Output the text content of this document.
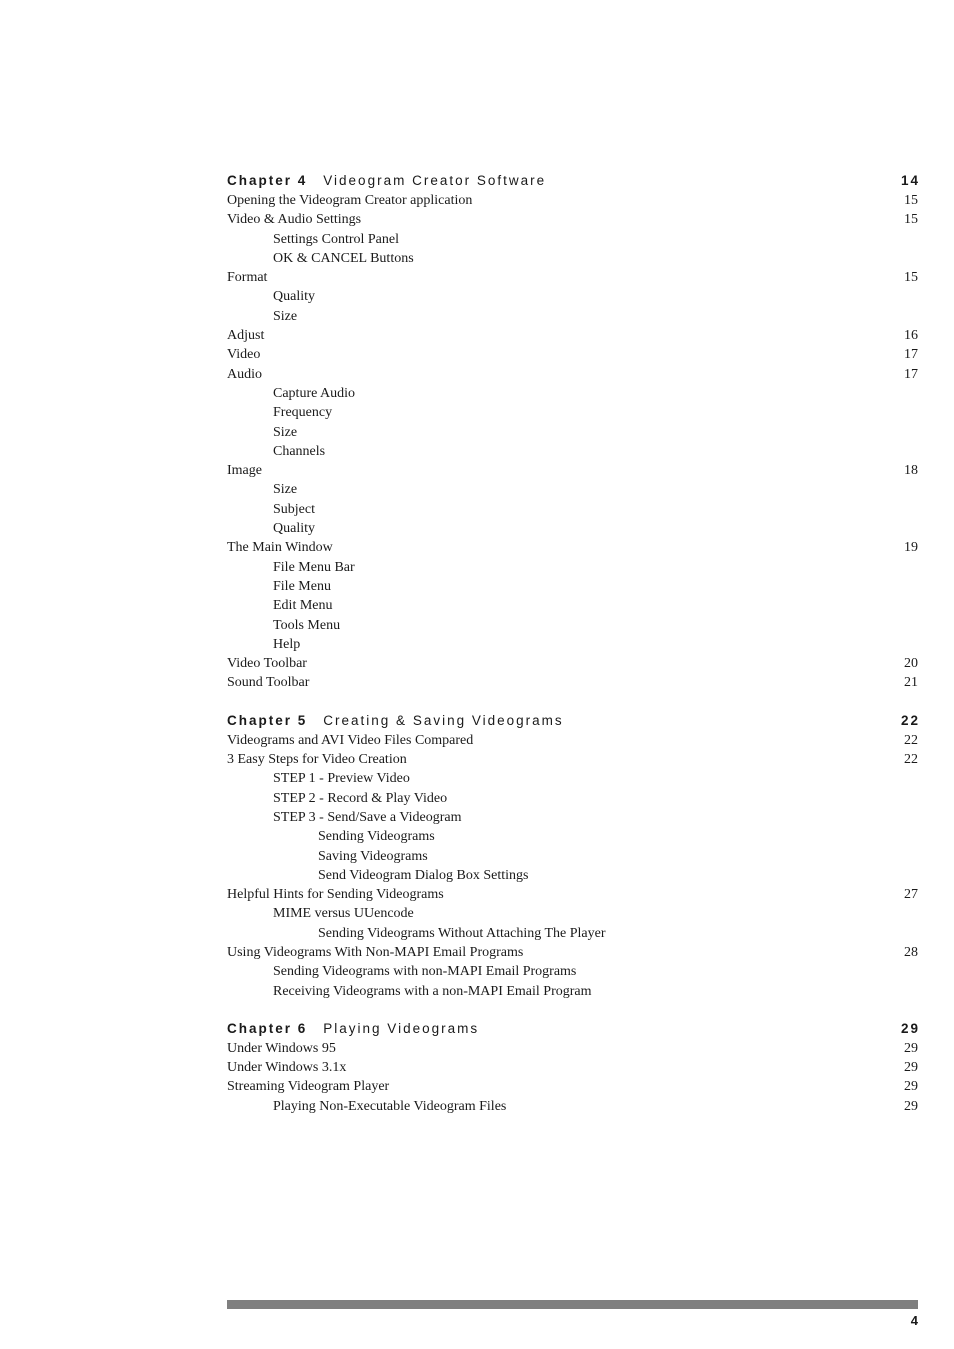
Chapter 4 Videogram Creator Software	14
Opening the Videogram Creator application	15
Video & Audio Settings	15
Settings Control Panel
OK & CANCEL Buttons
Format	15
Quality
Size
Adjust	16
Video	17
Audio	17
Capture Audio
Frequency
Size
Channels
Image	18
Size
Subject
Quality
The Main Window	19
File Menu Bar
File Menu
Edit Menu
Tools Menu
Help
Video Toolbar	20
Sound Toolbar	21
Chapter 5 Creating & Saving Videograms	22
Videograms and AVI Video Files Compared	22
3 Easy Steps for Video Creation	22
STEP 1 - Preview Video
STEP 2 - Record & Play Video
STEP 3 - Send/Save a Videogram
Sending Videograms
Saving Videograms
Send Videogram Dialog Box Settings
Helpful Hints for Sending Videograms	27
MIME versus UUencode
Sending Videograms Without Attaching The Player
Using Videograms With Non-MAPI Email Programs	28
Sending Videograms with non-MAPI Email Programs
Receiving Videograms with a non-MAPI Email Program
Chapter 6 Playing Videograms	29
Under Windows 95	29
Under Windows 3.1x	29
Streaming Videogram Player	29
Playing Non-Executable Videogram Files	29
4
